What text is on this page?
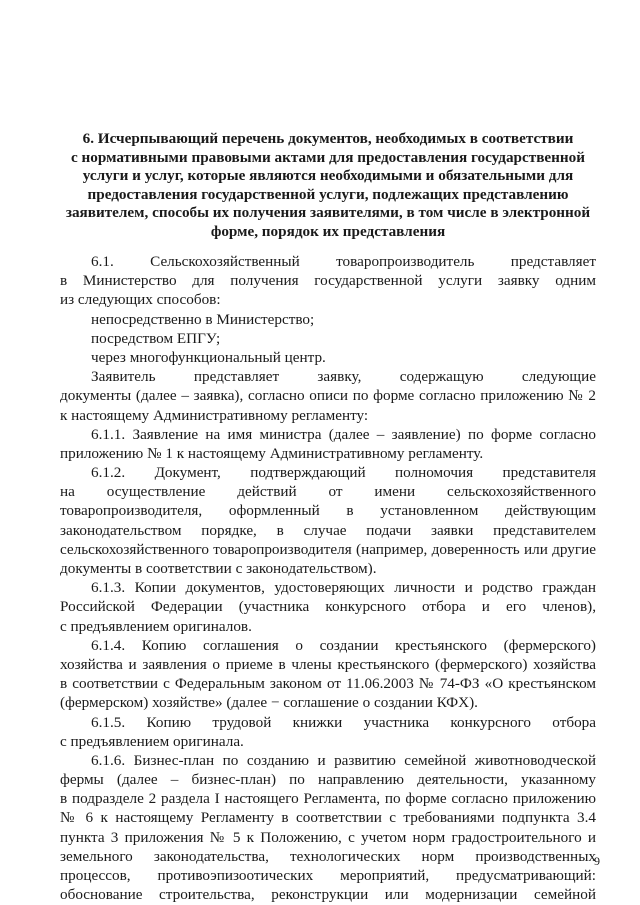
6. Исчерпывающий перечень документов, необходимых в соответствии
с нормативными правовыми актами для предоставления государственной
услуги и услуг, которые являются необходимыми и обязательными для
предоставления государственной услуги, подлежащих представлению
заявителем, способы их получения заявителями, в том числе в электронной
форме, порядок их представления
6.1. Сельскохозяйственный товаропроизводитель представляет
в Министерство для получения государственной услуги заявку одним
из следующих способов:
непосредственно в Министерство;
посредством ЕПГУ;
через многофункциональный центр.
Заявитель представляет заявку, содержащую следующие
документы (далее – заявка), согласно описи по форме согласно приложению № 2
к настоящему Административному регламенту:
6.1.1. Заявление на имя министра (далее – заявление) по форме согласно
приложению № 1 к настоящему Административному регламенту.
6.1.2. Документ, подтверждающий полномочия представителя
на осуществление действий от имени сельскохозяйственного
товаропроизводителя, оформленный в установленном действующим
законодательством порядке, в случае подачи заявки представителем
сельскохозяйственного товаропроизводителя (например, доверенность или другие
документы в соответствии с законодательством).
6.1.3. Копии документов, удостоверяющих личности и родство граждан
Российской Федерации (участника конкурсного отбора и его членов),
с предъявлением оригиналов.
6.1.4. Копию соглашения о создании крестьянского (фермерского)
хозяйства и заявления о приеме в члены крестьянского (фермерского) хозяйства
в соответствии с Федеральным законом от 11.06.2003 № 74-ФЗ «О крестьянском
(фермерском) хозяйстве» (далее − соглашение о создании КФХ).
6.1.5. Копию трудовой книжки участника конкурсного отбора
с предъявлением оригинала.
6.1.6. Бизнес-план по созданию и развитию семейной животноводческой
фермы (далее – бизнес-план) по направлению деятельности, указанному
в подразделе 2 раздела I настоящего Регламента, по форме согласно приложению
№ 6 к настоящему Регламенту в соответствии с требованиями подпункта 3.4
пункта 3 приложения № 5 к Положению, с учетом норм градостроительного и
земельного законодательства, технологических норм производственных
процессов, противоэпизоотических мероприятий, предусматривающий:
обоснование строительства, реконструкции или модернизации семейной
9
